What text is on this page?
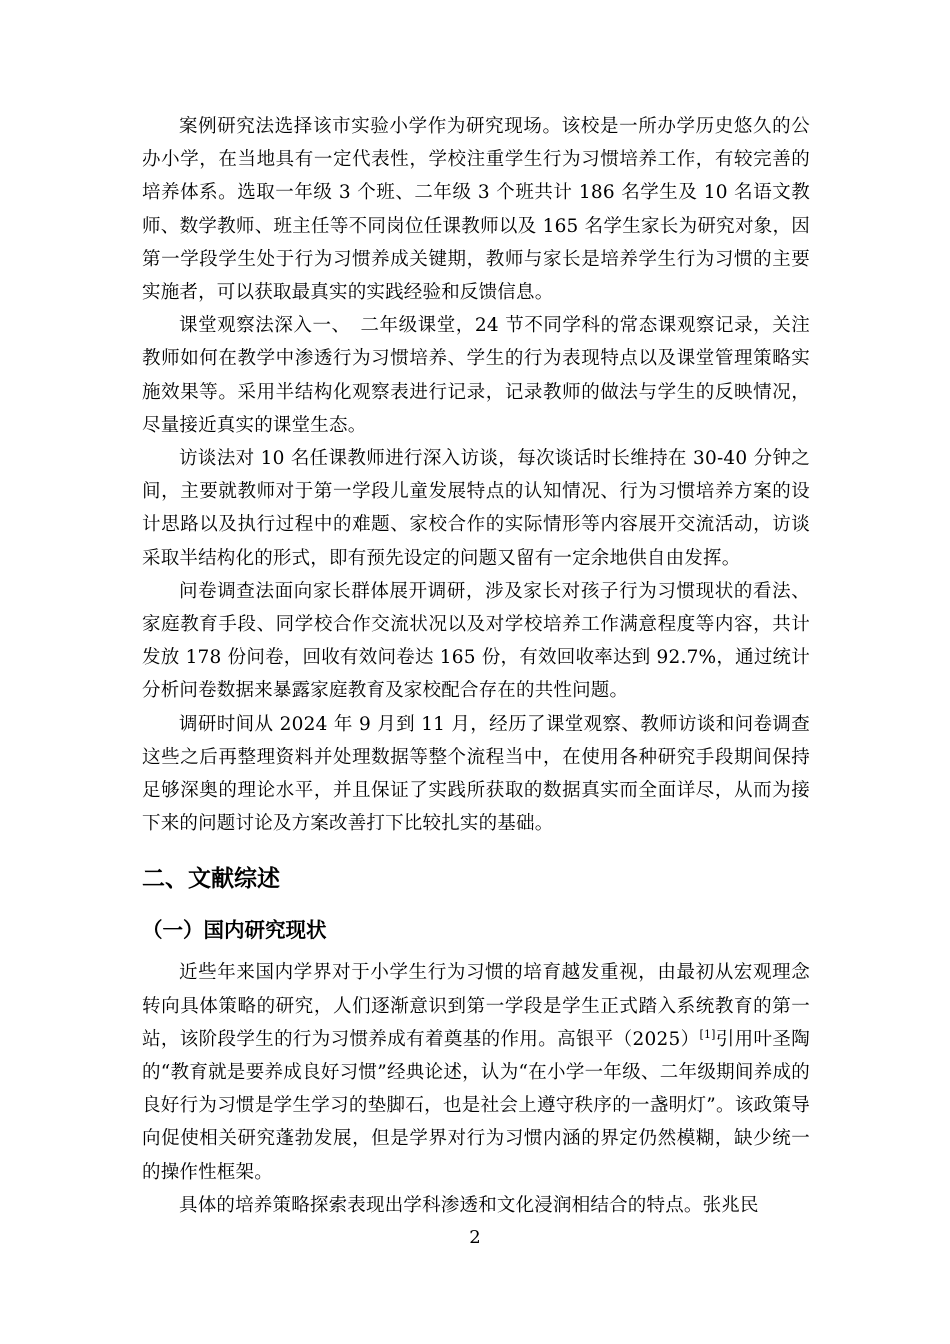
案例研究法选择该市实验小学作为研究现场。该校是一所办学历史悠久的公办小学，在当地具有一定代表性，学校注重学生行为习惯培养工作，有较完善的培养体系。选取一年级 3 个班、二年级 3 个班共计 186 名学生及 10 名语文教师、数学教师、班主任等不同岗位任课教师以及 165 名学生家长为研究对象，因第一学段学生处于行为习惯养成关键期，教师与家长是培养学生行为习惯的主要实施者，可以获取最真实的实践经验和反馈信息。

课堂观察法深入一、　二年级课堂，24 节不同学科的常态课观察记录，关注教师如何在教学中渗透行为习惯培养、学生的行为表现特点以及课堂管理策略实施效果等。采用半结构化观察表进行记录，记录教师的做法与学生的反映情况，尽量接近真实的课堂生态。

访谈法对 10 名任课教师进行深入访谈，每次谈话时长维持在 30-40 分钟之间，主要就教师对于第一学段儿童发展特点的认知情况、行为习惯培养方案的设计思路以及执行过程中的难题、家校合作的实际情形等内容展开交流活动，访谈采取半结构化的形式，即有预先设定的问题又留有一定余地供自由发挥。

问卷调查法面向家长群体展开调研，涉及家长对孩子行为习惯现状的看法、家庭教育手段、同学校合作交流状况以及对学校培养工作满意程度等内容，共计发放 178 份问卷，回收有效问卷达 165 份，有效回收率达到 92.7%，通过统计分析问卷数据来暴露家庭教育及家校配合存在的共性问题。

调研时间从 2024 年 9 月到 11 月，经历了课堂观察、教师访谈和问卷调查这些之后再整理资料并处理数据等整个流程当中，在使用各种研究手段期间保持足够深奥的理论水平，并且保证了实践所获取的数据真实而全面详尽，从而为接下来的问题讨论及方案改善打下比较扎实的基础。

二、文献综述
（一）国内研究现状

近些年来国内学界对于小学生行为习惯的培育越发重视，由最初从宏观理念转向具体策略的研究，人们逐渐意识到第一学段是学生正式踏入系统教育的第一站，该阶段学生的行为习惯养成有着奠基的作用。高银平（2025）[1]引用叶圣陶的“教育就是要养成良好习惯”经典论述，认为“在小学一年级、二年级期间养成的良好行为习惯是学生学习的垫脚石，也是社会上遵守秩序的一盏明灯”。该政策导向促使相关研究蓬勃发展，但是学界对行为习惯内涵的界定仍然模糊，缺少统一的操作性框架。

具体的培养策略探索表现出学科渗透和文化浸润相结合的特点。张兆民

2
